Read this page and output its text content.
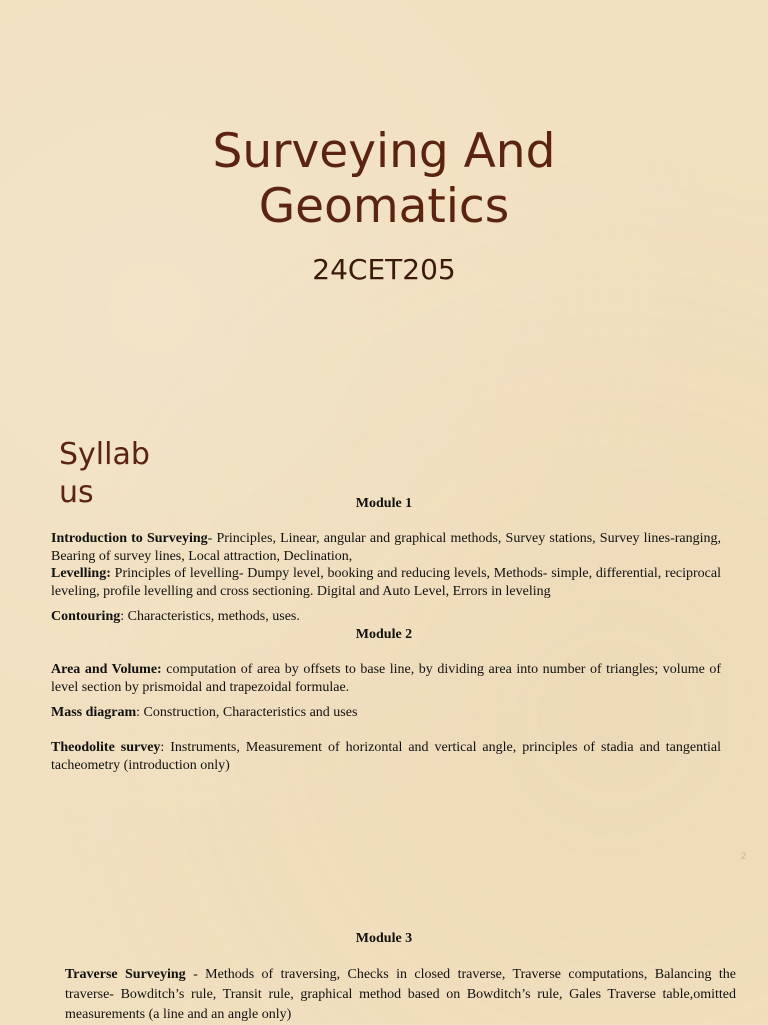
Surveying And
Geomatics
24CET205
Syllab
us	Module 1
Introduction to Surveying- Principles, Linear, angular and graphical methods, Survey stations, Survey lines-ranging, Bearing of survey lines, Local attraction, Declination,
Levelling: Principles of levelling- Dumpy level, booking and reducing levels, Methods- simple, differential, reciprocal leveling, profile levelling and cross sectioning. Digital and Auto Level, Errors in leveling
Contouring: Characteristics, methods, uses.
Module 2
Area and Volume: computation of area by offsets to base line, by dividing area into number of triangles; volume of level section by prismoidal and trapezoidal formulae.
Mass diagram: Construction, Characteristics and uses
Theodolite survey: Instruments, Measurement of horizontal and vertical angle, principles of stadia and tangential tacheometry (introduction only)
2
Module 3
Traverse Surveying - Methods of traversing, Checks in closed traverse, Traverse computations, Balancing the traverse- Bowditch’s rule, Transit rule, graphical method based on Bowditch’s rule, Gales Traverse table,omitted measurements (a line and an angle only)
